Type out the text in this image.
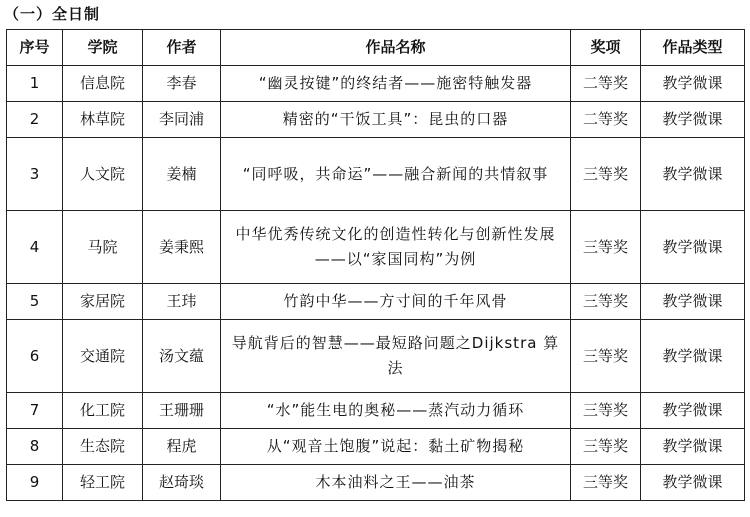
（一）全日制
序号	学院	作者	作品名称	奖项	作品类型
1	信息院	李春	“幽灵按键”的终结者——施密特触发器	二等奖	教学微课
2	林草院	李同浦	精密的“干饭工具”：昆虫的口器	二等奖	教学微课
3	人文院	姜楠	“同呼吸，共命运”——融合新闻的共情叙事	三等奖	教学微课
4	马院	姜秉熙	中华优秀传统文化的创造性转化与创新性发展——以“家国同构”为例	三等奖	教学微课
5	家居院	王玮	竹韵中华——方寸间的千年风骨	三等奖	教学微课
6	交通院	汤文蕴	导航背后的智慧——最短路问题之Dijkstra 算法	三等奖	教学微课
7	化工院	王珊珊	“水”能生电的奥秘——蒸汽动力循环	三等奖	教学微课
8	生态院	程虎	从“观音土饱腹”说起：黏土矿物揭秘	三等奖	教学微课
9	轻工院	赵琦琰	木本油料之王——油茶	三等奖	教学微课
